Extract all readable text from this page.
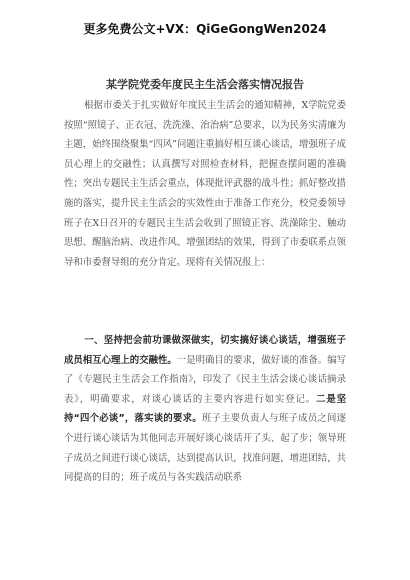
更多免费公文+VX：QiGeGongWen2024
某学院党委年度民主生活会落实情况报告

根据市委关于扎实做好年度民主生活会的通知精神，X学院党委按照“照镜子、正衣冠、洗洗澡、治治病”总要求，以为民务实清廉为主题，始终围绕聚集“四风”问题注重搞好相互谈心谈话，增强班子成员心理上的交融性；认真撰写对照检查材料，把握查摆问题的准确性；突出专题民主生活会重点，体现批评武器的战斗性；抓好整改措施的落实，提升民主生活会的实效性由于准备工作充分，校党委领导班子在X日召开的专题民主生活会收到了照镜正容、洗澡除尘、触动思想、醒脑治病、改进作风、增强团结的效果，得到了市委联系点领导和市委督导组的充分肯定。现将有关情况报上：

一、坚持把会前功课做深做实，切实搞好谈心谈话，增强班子成员相互心理上的交融性。一是明确目的要求，做好谈的准备。编写了《专题民主生活会工作指南》，印发了《民主生活会谈心谈话摘录表》，明确要求，对谈心谈话的主要内容进行如实登记。二是坚持“四个必谈”，落实谈的要求。班子主要负责人与班子成员之间逐个进行谈心谈话为其他同志开展好谈心谈话开了头、起了步；领导班子成员之间进行谈心谈话，达到提高认识，找准问题，增进团结，共同提高的目的；班子成员与各实践活动联系
